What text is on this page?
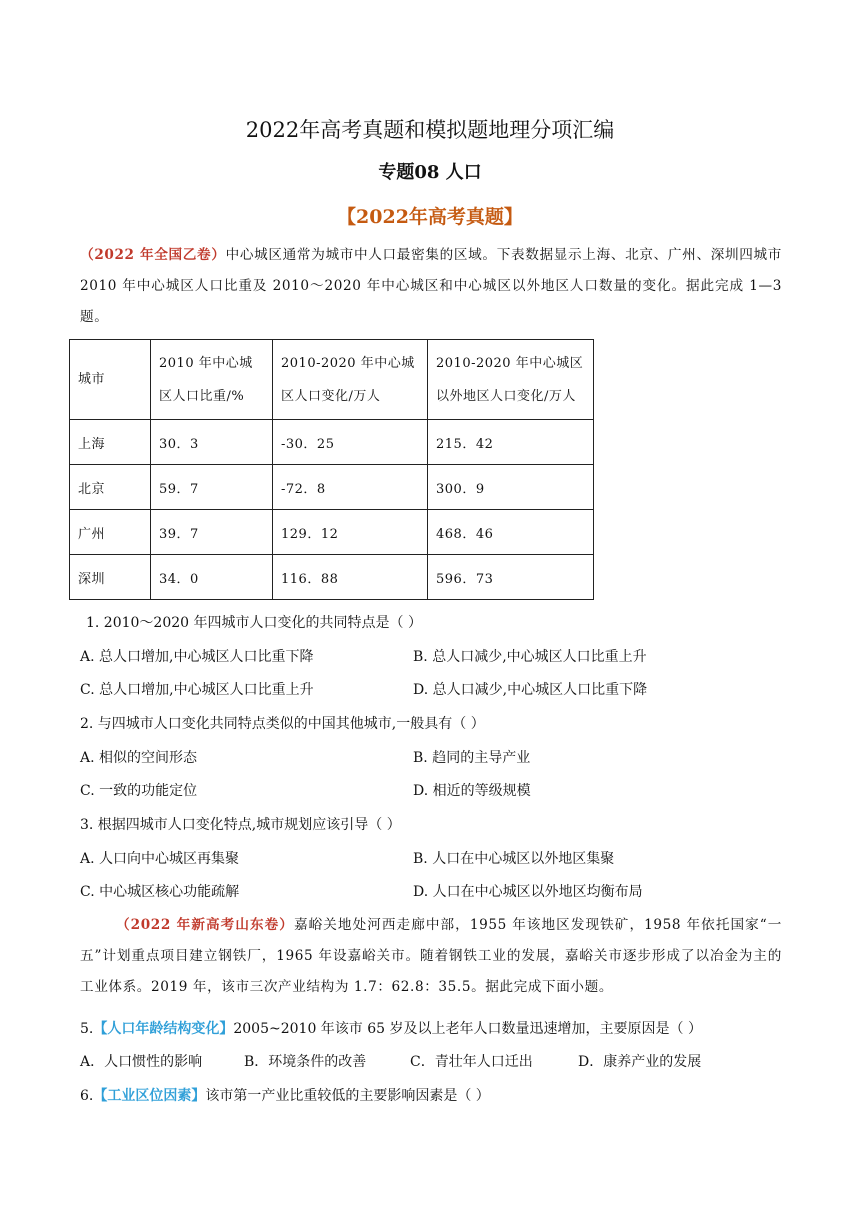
2022年高考真题和模拟题地理分项汇编
专题08 人口
【2022年高考真题】
（2022 年全国乙卷）中心城区通常为城市中人口最密集的区域。下表数据显示上海、北京、广州、深圳四城市 2010 年中心城区人口比重及 2010～2020 年中心城区和中心城区以外地区人口数量的变化。据此完成 1—3 题。
城市	2010 年中心城区人口比重/%	2010-2020 年中心城区人口变化/万人	2010-2020 年中心城区以外地区人口变化/万人
上海	30．3	-30．25	215．42
北京	59．7	-72．8	300．9
广州	39．7	129．12	468．46
深圳	34．0	116．88	596．73
1. 2010～2020 年四城市人口变化的共同特点是（ ）
A. 总人口增加,中心城区人口比重下降	B. 总人口减少,中心城区人口比重上升
C. 总人口增加,中心城区人口比重上升	D. 总人口减少,中心城区人口比重下降
2. 与四城市人口变化共同特点类似的中国其他城市,一般具有（ ）
A. 相似的空间形态	B. 趋同的主导产业
C. 一致的功能定位	D. 相近的等级规模
3. 根据四城市人口变化特点,城市规划应该引导（ ）
A. 人口向中心城区再集聚	B. 人口在中心城区以外地区集聚
C. 中心城区核心功能疏解	D. 人口在中心城区以外地区均衡布局
（2022 年新高考山东卷）嘉峪关地处河西走廊中部，1955 年该地区发现铁矿，1958 年依托国家“一五”计划重点项目建立钢铁厂，1965 年设嘉峪关市。随着钢铁工业的发展，嘉峪关市逐步形成了以冶金为主的工业体系。2019 年，该市三次产业结构为 1.7：62.8：35.5。据此完成下面小题。
5.【人口年龄结构变化】2005~2010 年该市 65 岁及以上老年人口数量迅速增加，主要原因是（ ）
A．人口惯性的影响	B．环境条件的改善	C．青壮年人口迁出	D．康养产业的发展
6.【工业区位因素】该市第一产业比重较低的主要影响因素是（ ）
